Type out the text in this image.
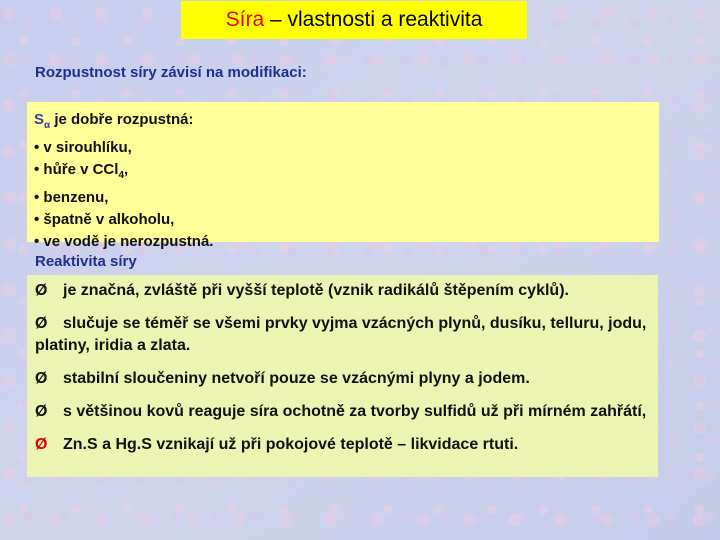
Síra – vlastnosti a reaktivita
Rozpustnost síry závisí na modifikaci:
$S_\alpha$ je dobře rozpustná:
• v sirouhlíku,
• hůře v CCl$_4$,
• benzenu,
• špatně v alkoholu,
• ve vodě je nerozpustná.
Reaktivita síry

Ø je značná, zvláště při vyšší teplotě (vznik radikálů štěpením cyklů).

Ø slučuje se téměř se všemi prvky vyjma vzácných plynů, dusíku, telluru, jodu, platiny, iridia a zlata.

Ø stabilní sloučeniny netvoří pouze se vzácnými plyny a jodem.

Ø s většinou kovů reaguje síra ochotně za tvorby sulfidů už při mírném zahřátí,

Ø Zn.S a Hg.S vznikají už při pokojové teplotě – likvidace rtuti.
